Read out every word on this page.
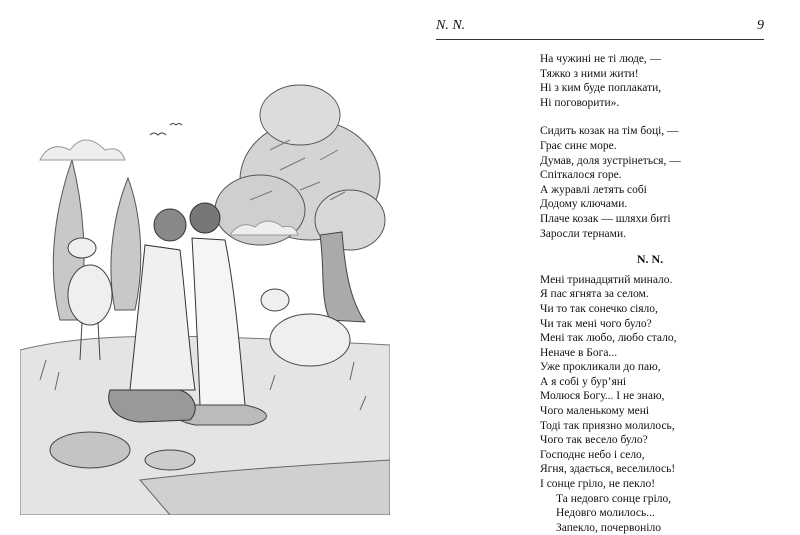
N. N.	9
На чужині не ті люде, —
Тяжко з ними жити!
Ні з ким буде поплакати,
Ні поговорити».
Сидить козак на тім боці, —
Грає синє море.
Думав, доля зустрінеться, —
Спіткалося горе.
А журавлі летять собі
Додому ключами.
Плаче козак — шляхи биті
Заросли тернами.
N. N.
Мені тринадцятий минало.
Я пас ягнята за селом.
Чи то так сонечко сіяло,
Чи так мені чого було?
Мені так любо, любо стало,
Неначе в Бога...
Уже прокликали до паю,
А я собі у бур’яні
Молюся Богу... І не знаю,
Чого маленькому мені
Тоді так приязно молилось,
Чого так весело було?
Господнє небо і село,
Ягня, здається, веселилось!
І сонце гріло, не пекло!
Та недовго сонце гріло,
Недовго молилось...
Запекло, почервоніло
